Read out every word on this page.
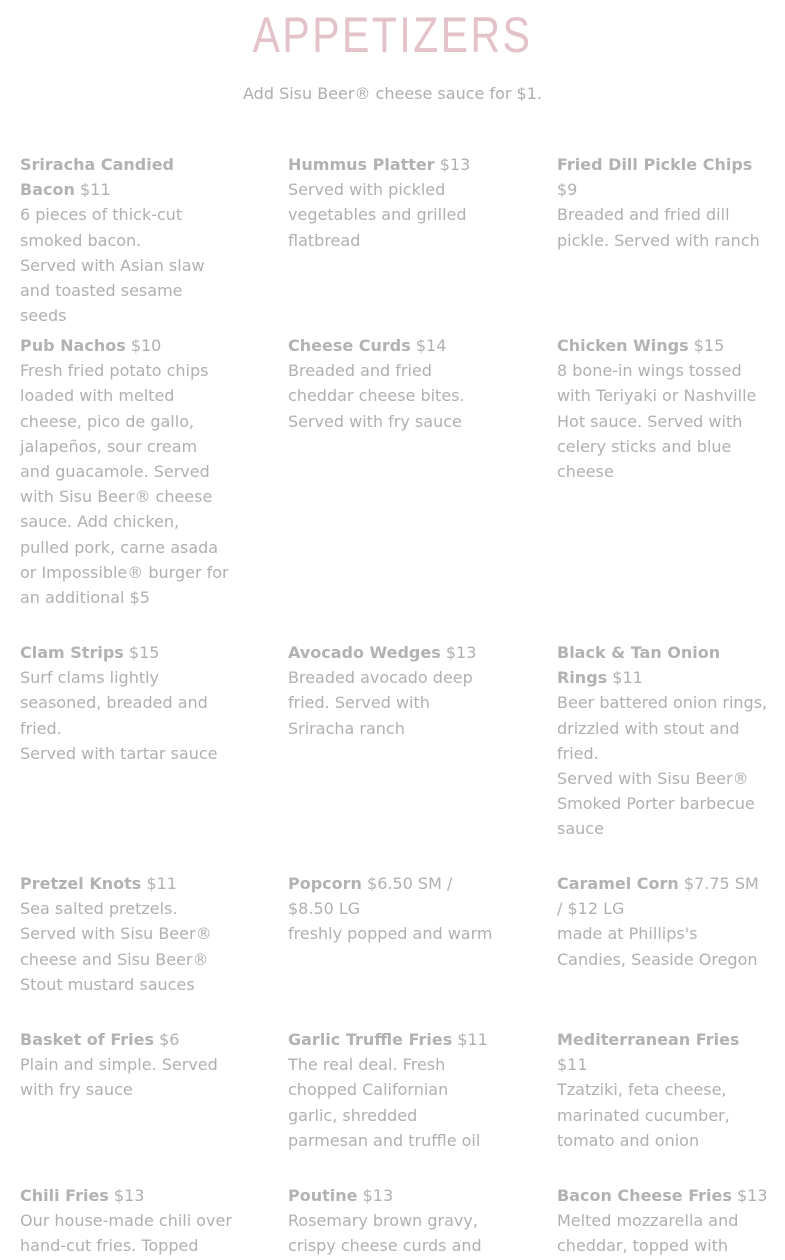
APPETIZERS
Add Sisu Beer® cheese sauce for $1.
Sriracha Candied Bacon $11
6 pieces of thick-cut smoked bacon.
Served with Asian slaw and toasted sesame seeds
Hummus Platter $13
Served with pickled vegetables and grilled flatbread
Fried Dill Pickle Chips $9
Breaded and fried dill pickle. Served with ranch
Pub Nachos $10
Fresh fried potato chips loaded with melted cheese, pico de gallo, jalapeños, sour cream and guacamole. Served with Sisu Beer® cheese sauce. Add chicken, pulled pork, carne asada or Impossible® burger for an additional $5
Cheese Curds $14
Breaded and fried cheddar cheese bites.
Served with fry sauce
Chicken Wings $15
8 bone-in wings tossed with Teriyaki or Nashville Hot sauce. Served with celery sticks and blue cheese
Clam Strips $15
Surf clams lightly seasoned, breaded and fried.
Served with tartar sauce
Avocado Wedges $13
Breaded avocado deep fried. Served with Sriracha ranch
Black & Tan Onion Rings $11
Beer battered onion rings, drizzled with stout and fried.
Served with Sisu Beer® Smoked Porter barbecue sauce
Pretzel Knots $11
Sea salted pretzels.
Served with Sisu Beer® cheese and Sisu Beer® Stout mustard sauces
Popcorn $6.50 SM / $8.50 LG
freshly popped and warm
Caramel Corn $7.75 SM / $12 LG
made at Phillips's Candies, Seaside Oregon
Basket of Fries $6
Plain and simple. Served with fry sauce
Garlic Truffle Fries $11
The real deal. Fresh chopped Californian garlic, shredded parmesan and truffle oil
Mediterranean Fries $11
Tzatziki, feta cheese, marinated cucumber, tomato and onion
Chili Fries $13
Our house-made chili over hand-cut fries. Topped
Poutine $13
Rosemary brown gravy, crispy cheese curds and
Bacon Cheese Fries $13
Melted mozzarella and cheddar, topped with
